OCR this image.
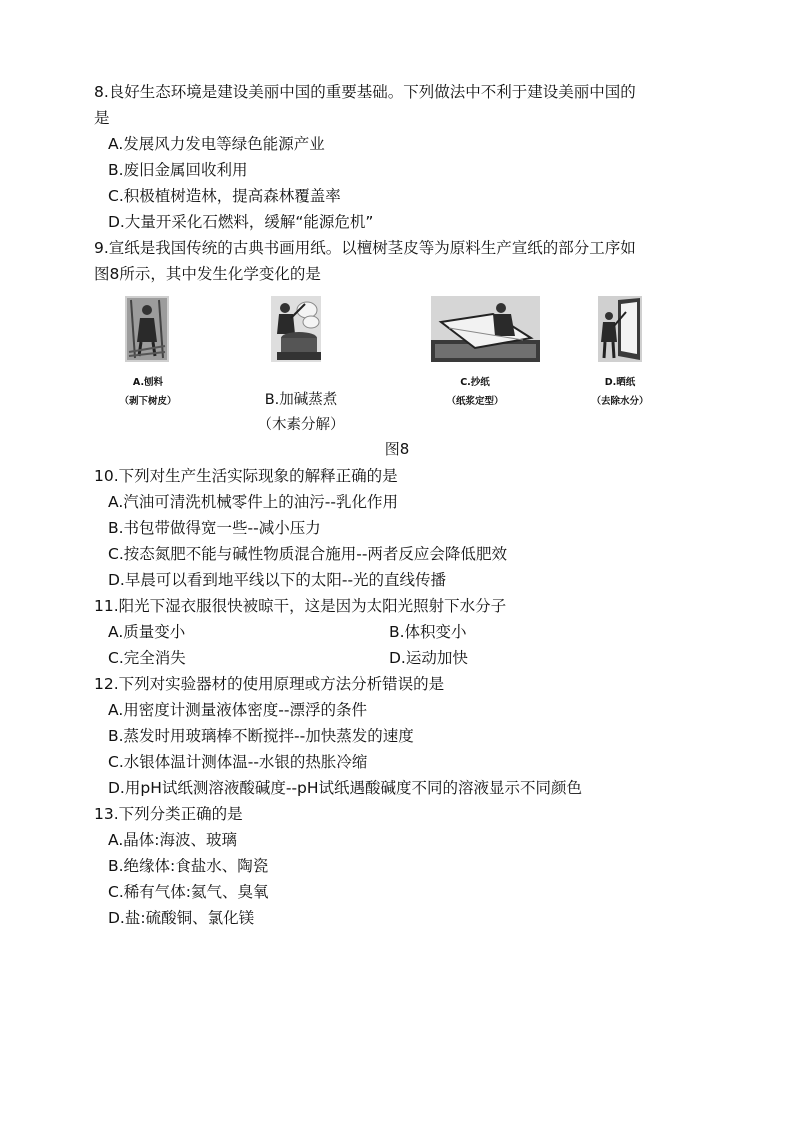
8.良好生态环境是建设美丽中国的重要基础。下列做法中不利于建设美丽中国的
是
A.发展风力发电等绿色能源产业
B.废旧金属回收利用
C.积极植树造林，提高森林覆盖率
D.大量开采化石燃料，缓解“能源危机”
9.宣纸是我国传统的古典书画用纸。以檀树茎皮等为原料生产宣纸的部分工序如
图8所示，其中发生化学变化的是
A.刨料
（剥下树皮）	B.加碱蒸煮
（木素分解）
C.抄纸
（纸浆定型）
D.晒纸
（去除水分）
图8
10.下列对生产生活实际现象的解释正确的是
A.汽油可清洗机械零件上的油污--乳化作用
B.书包带做得宽一些--减小压力
C.按态氮肥不能与碱性物质混合施用--两者反应会降低肥效
D.早晨可以看到地平线以下的太阳--光的直线传播
11.阳光下湿衣服很快被晾干，这是因为太阳光照射下水分子
A.质量变小	B.体积变小
C.完全消失	D.运动加快
12.下列对实验器材的使用原理或方法分析错误的是
A.用密度计测量液体密度--漂浮的条件
B.蒸发时用玻璃棒不断搅拌--加快蒸发的速度
C.水银体温计测体温--水银的热胀冷缩
D.用pH试纸测溶液酸碱度--pH试纸遇酸碱度不同的溶液显示不同颜色
13.下列分类正确的是
A.晶体:海波、玻璃
B.绝缘体:食盐水、陶瓷
C.稀有气体:氦气、臭氧
D.盐:硫酸铜、氯化镁
